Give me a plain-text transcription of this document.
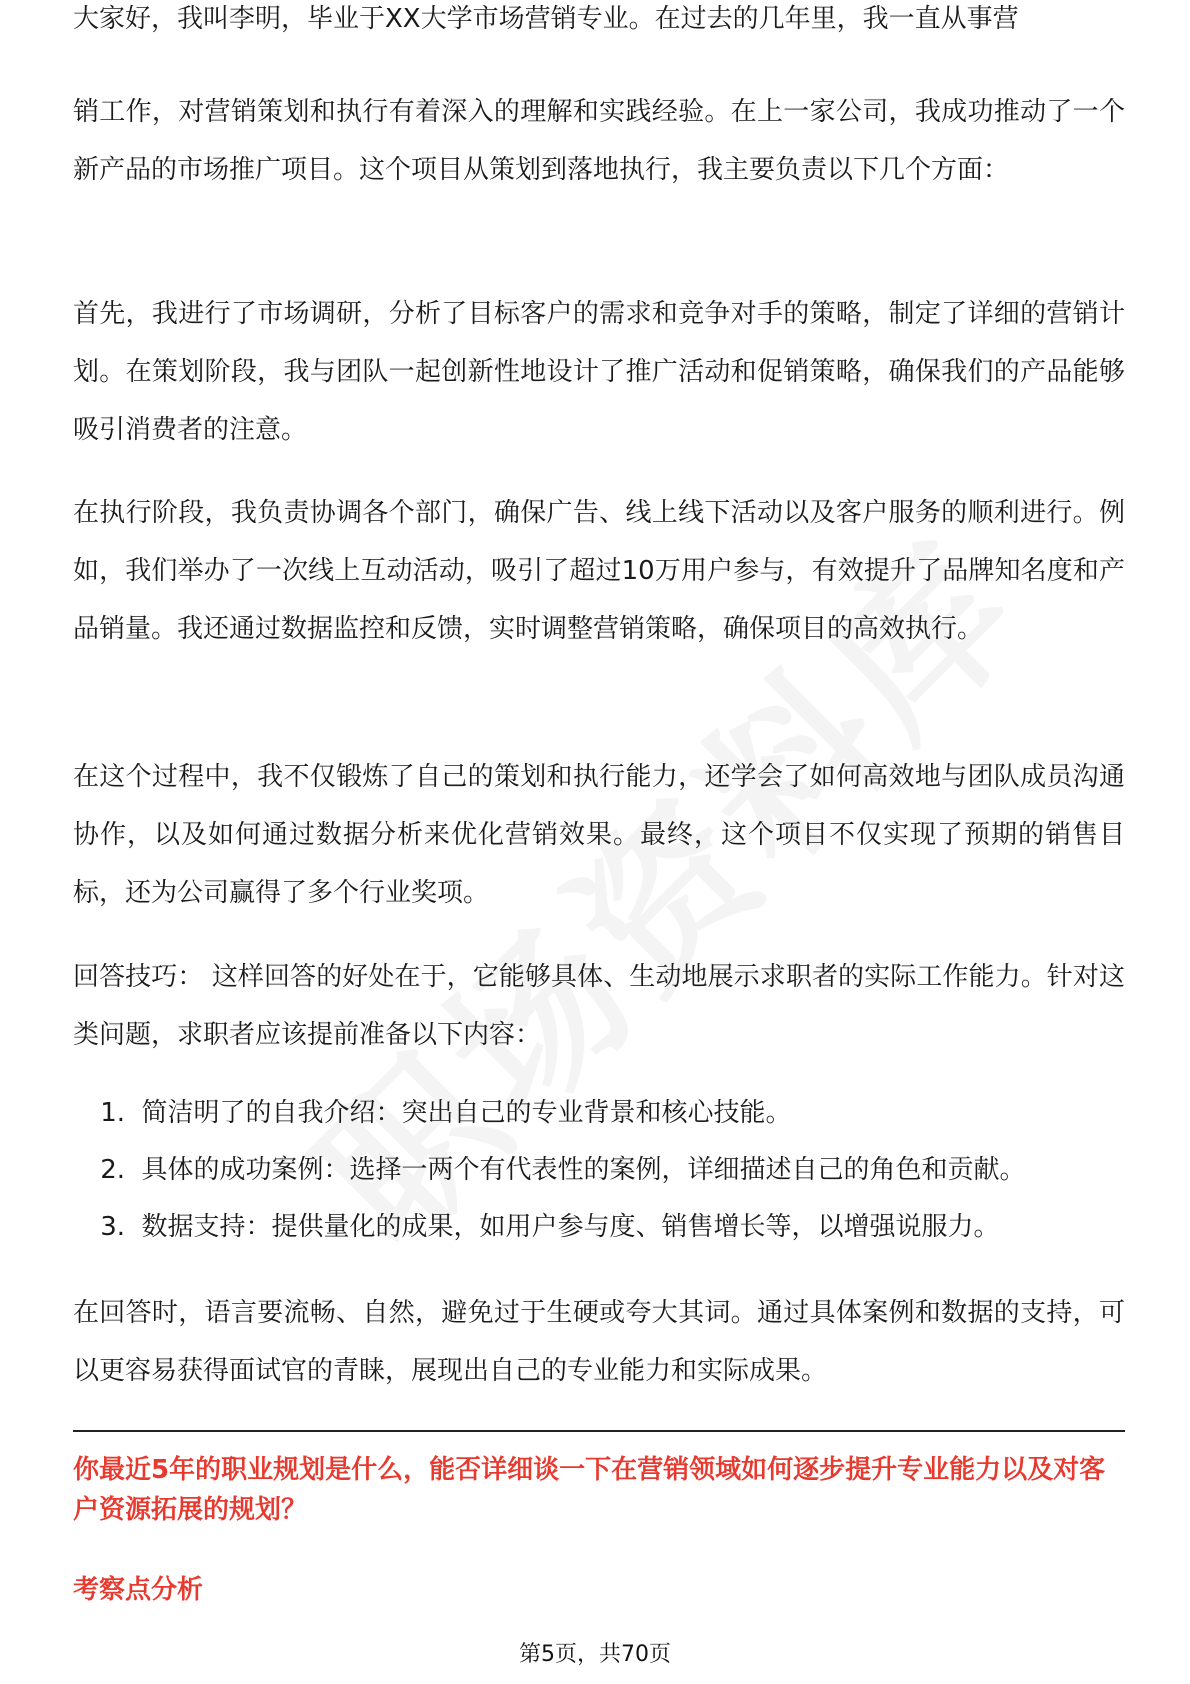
大家好，我叫李明，毕业于XX大学市场营销专业。在过去的几年里，我一直从事营

销工作，对营销策划和执行有着深入的理解和实践经验。在上一家公司，我成功推动了一个新产品的市场推广项目。这个项目从策划到落地执行，我主要负责以下几个方面：

首先，我进行了市场调研，分析了目标客户的需求和竞争对手的策略，制定了详细的营销计划。在策划阶段，我与团队一起创新性地设计了推广活动和促销策略，确保我们的产品能够吸引消费者的注意。

在执行阶段，我负责协调各个部门，确保广告、线上线下活动以及客户服务的顺利进行。例如，我们举办了一次线上互动活动，吸引了超过10万用户参与，有效提升了品牌知名度和产品销量。我还通过数据监控和反馈，实时调整营销策略，确保项目的高效执行。

在这个过程中，我不仅锻炼了自己的策划和执行能力，还学会了如何高效地与团队成员沟通协作，以及如何通过数据分析来优化营销效果。最终，这个项目不仅实现了预期的销售目标，还为公司赢得了多个行业奖项。

回答技巧： 这样回答的好处在于，它能够具体、生动地展示求职者的实际工作能力。针对这类问题，求职者应该提前准备以下内容：

1. 简洁明了的自我介绍：突出自己的专业背景和核心技能。
2. 具体的成功案例：选择一两个有代表性的案例，详细描述自己的角色和贡献。
3. 数据支持：提供量化的成果，如用户参与度、销售增长等，以增强说服力。

在回答时，语言要流畅、自然，避免过于生硬或夸大其词。通过具体案例和数据的支持，可以更容易获得面试官的青睐，展现出自己的专业能力和实际成果。

你最近5年的职业规划是什么，能否详细谈一下在营销领域如何逐步提升专业能力以及对客户资源拓展的规划？

考察点分析

第5页，共70页
